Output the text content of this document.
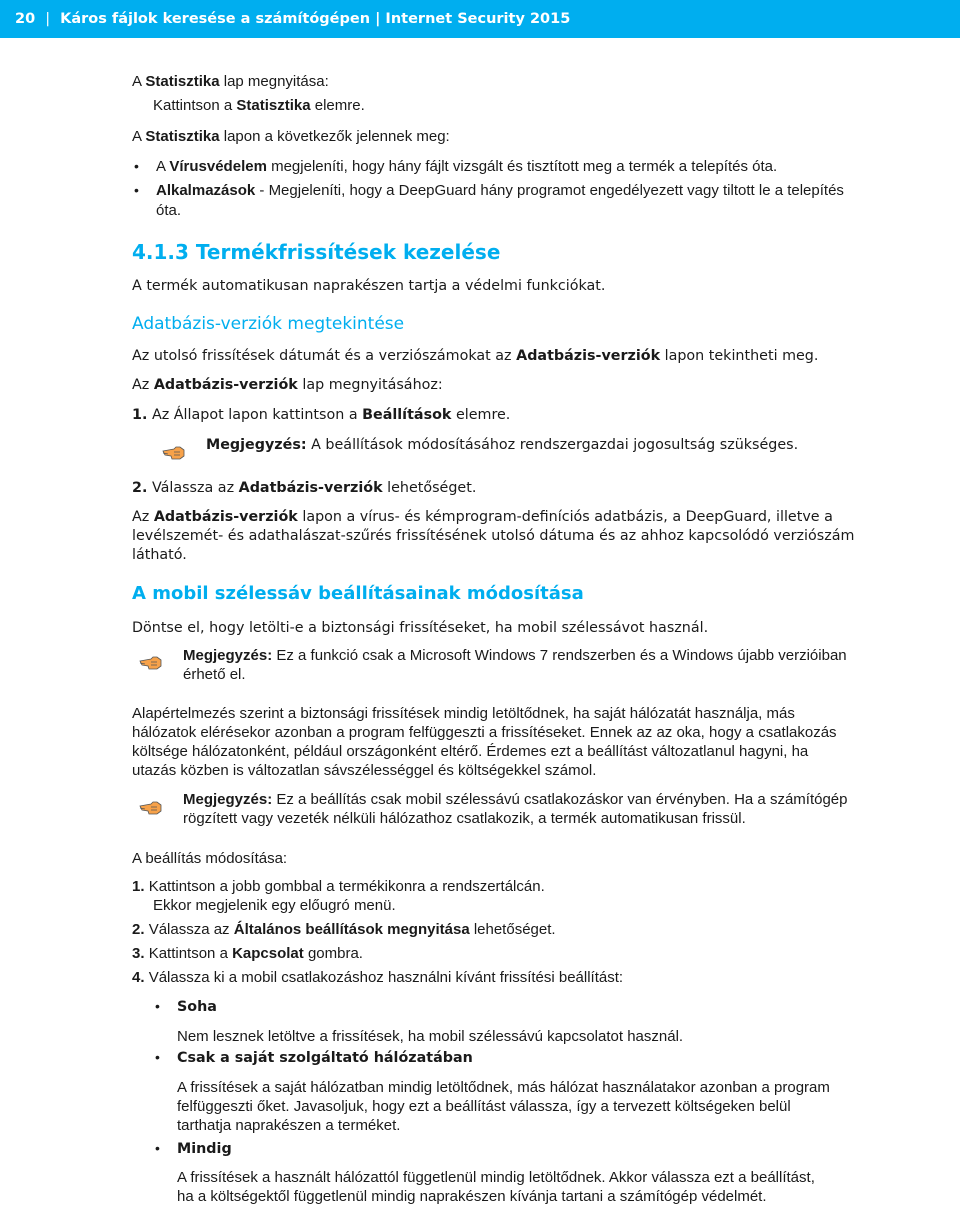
20 | Káros fájlok keresése a számítógépen | Internet Security 2015
A Statisztika lap megnyitása:
Kattintson a Statisztika elemre.
A Statisztika lapon a következők jelennek meg:
• A Vírusvédelem megjeleníti, hogy hány fájlt vizsgált és tisztított meg a termék a telepítés óta.
• Alkalmazások - Megjeleníti, hogy a DeepGuard hány programot engedélyezett vagy tiltott le a telepítés
óta.
4.1.3 Termékfrissítések kezelése
A termék automatikusan naprakészen tartja a védelmi funkciókat.
Adatbázis-verziók megtekintése
Az utolsó frissítések dátumát és a verziószámokat az Adatbázis-verziók lapon tekintheti meg.
Az Adatbázis-verziók lap megnyitásához:
1. Az Állapot lapon kattintson a Beállítások elemre.
Megjegyzés: A beállítások módosításához rendszergazdai jogosultság szükséges.
2. Válassza az Adatbázis-verziók lehetőséget.
Az Adatbázis-verziók lapon a vírus- és kémprogram-definíciós adatbázis, a DeepGuard, illetve a
levélszemét- és adathalászat-szűrés frissítésének utolsó dátuma és az ahhoz kapcsolódó verziószám
látható.
A mobil szélessáv beállításainak módosítása
Döntse el, hogy letölti-e a biztonsági frissítéseket, ha mobil szélessávot használ.
Megjegyzés: Ez a funkció csak a Microsoft Windows 7 rendszerben és a Windows újabb verzióiban
érhető el.
Alapértelmezés szerint a biztonsági frissítések mindig letöltődnek, ha saját hálózatát használja, más
hálózatok elérésekor azonban a program felfüggeszti a frissítéseket. Ennek az az oka, hogy a csatlakozás
költsége hálózatonként, például országonként eltérő. Érdemes ezt a beállítást változatlanul hagyni, ha
utazás közben is változatlan sávszélességgel és költségekkel számol.
Megjegyzés: Ez a beállítás csak mobil szélessávú csatlakozáskor van érvényben. Ha a számítógép
rögzített vagy vezeték nélküli hálózathoz csatlakozik, a termék automatikusan frissül.
A beállítás módosítása:
1. Kattintson a jobb gombbal a termékikonra a rendszertálcán.
Ekkor megjelenik egy előugró menü.
2. Válassza az Általános beállítások megnyitása lehetőséget.
3. Kattintson a Kapcsolat gombra.
4. Válassza ki a mobil csatlakozáshoz használni kívánt frissítési beállítást:
• Soha
Nem lesznek letöltve a frissítések, ha mobil szélessávú kapcsolatot használ.
• Csak a saját szolgáltató hálózatában
A frissítések a saját hálózatban mindig letöltődnek, más hálózat használatakor azonban a program
felfüggeszti őket. Javasoljuk, hogy ezt a beállítást válassza, így a tervezett költségeken belül
tarthatja naprakészen a terméket.
• Mindig
A frissítések a használt hálózattól függetlenül mindig letöltődnek. Akkor válassza ezt a beállítást,
ha a költségektől függetlenül mindig naprakészen kívánja tartani a számítógép védelmét.
